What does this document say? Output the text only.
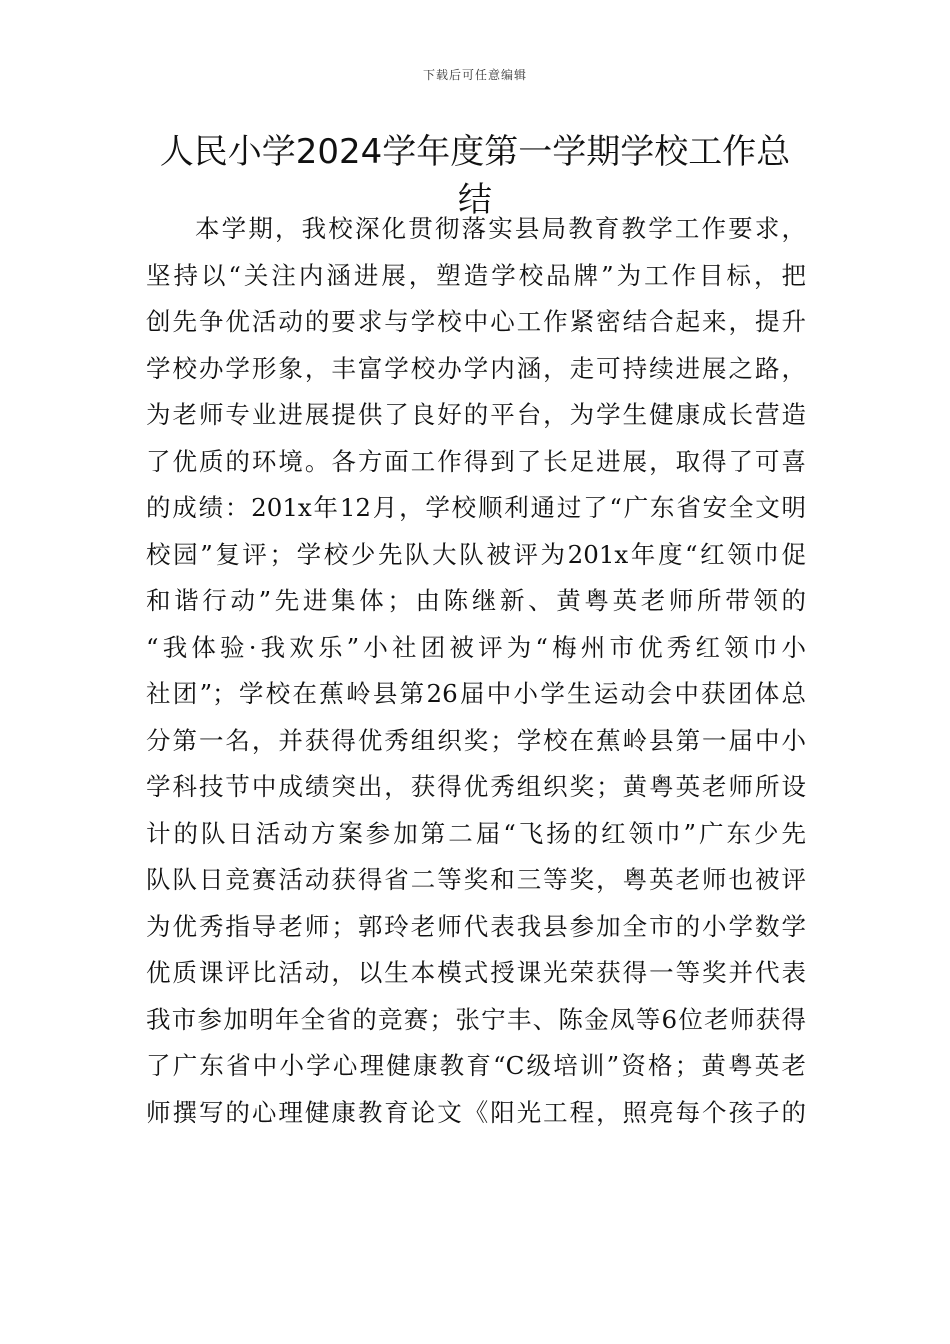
下载后可任意编辑
人民小学2024学年度第一学期学校工作总
结
本学期，我校深化贯彻落实县局教育教学工作要求，
坚持以“关注内涵进展，塑造学校品牌”为工作目标，把
创先争优活动的要求与学校中心工作紧密结合起来，提升
学校办学形象，丰富学校办学内涵，走可持续进展之路，
为老师专业进展提供了良好的平台，为学生健康成长营造
了优质的环境。各方面工作得到了长足进展，取得了可喜
的成绩：201x年12月，学校顺利通过了“广东省安全文明
校园”复评；学校少先队大队被评为201x年度“红领巾促
和谐行动”先进集体；由陈继新、黄粤英老师所带领的
“我体验·我欢乐”小社团被评为“梅州市优秀红领巾小
社团”；学校在蕉岭县第26届中小学生运动会中获团体总
分第一名，并获得优秀组织奖；学校在蕉岭县第一届中小
学科技节中成绩突出，获得优秀组织奖；黄粤英老师所设
计的队日活动方案参加第二届“飞扬的红领巾”广东少先
队队日竞赛活动获得省二等奖和三等奖，粤英老师也被评
为优秀指导老师；郭玲老师代表我县参加全市的小学数学
优质课评比活动，以生本模式授课光荣获得一等奖并代表
我市参加明年全省的竞赛；张宁丰、陈金凤等6位老师获得
了广东省中小学心理健康教育“C级培训”资格；黄粤英老
师撰写的心理健康教育论文《阳光工程，照亮每个孩子的
